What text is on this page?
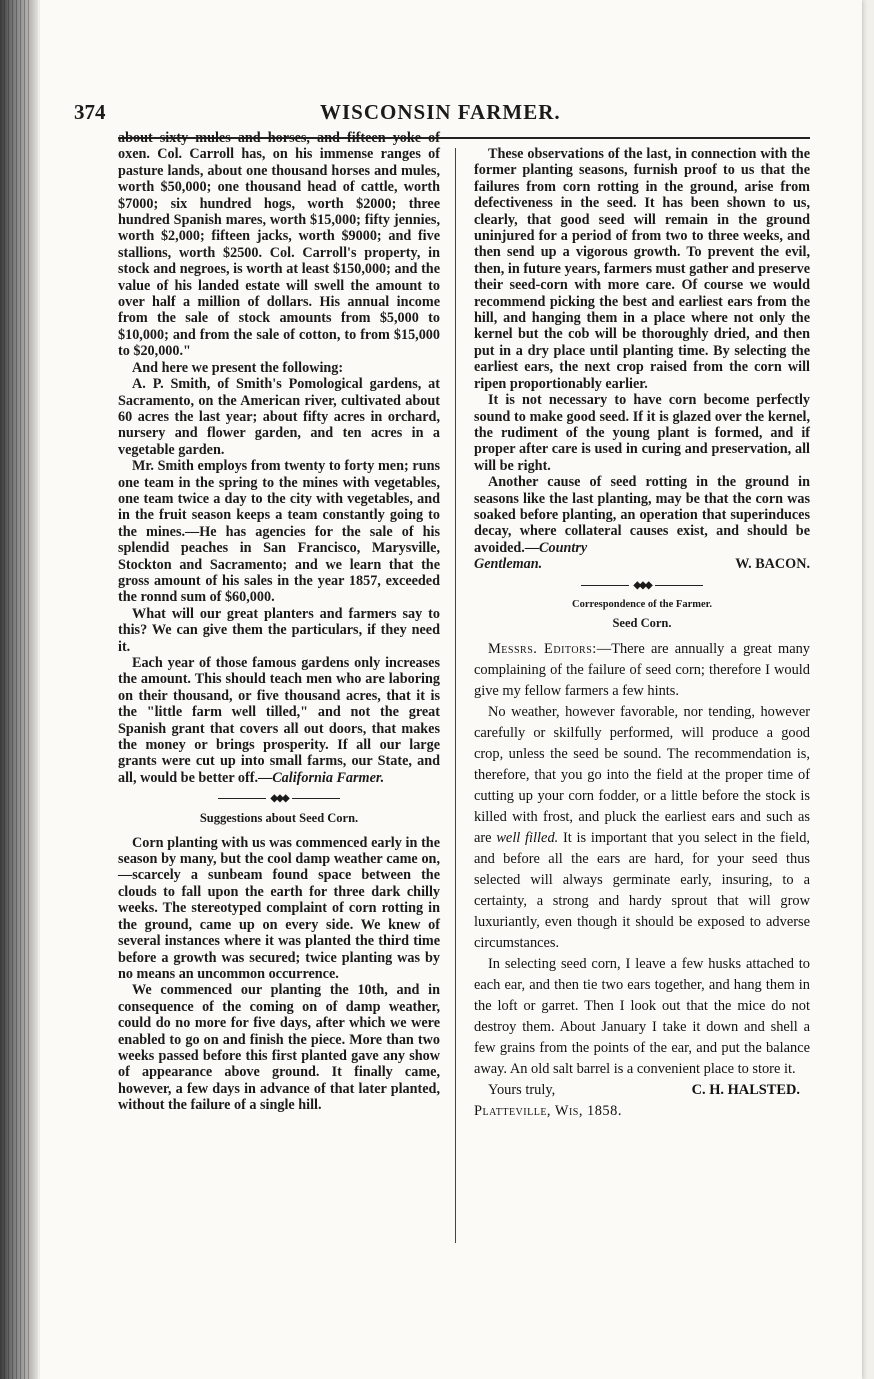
374	WISCONSIN FARMER.

about sixty mules and horses, and fifteen yoke of oxen. Col. Carroll has, on his immense ranges of pasture lands, about one thousand horses and mules, worth $50,000; one thousand head of cattle, worth $7000; six hundred hogs, worth $2000; three hundred Spanish mares, worth $15,000; fifty jennies, worth $2,000; fifteen jacks, worth $9000; and five stallions, worth $2500. Col. Carroll's property, in stock and negroes, is worth at least $150,000; and the value of his landed estate will swell the amount to over half a million of dollars. His annual income from the sale of stock amounts from $5,000 to $10,000; and from the sale of cotton, to from $15,000 to $20,000."

And here we present the following:

A. P. Smith, of Smith's Pomological gardens, at Sacramento, on the American river, cultivated about 60 acres the last year; about fifty acres in orchard, nursery and flower garden, and ten acres in a vegetable garden.

Mr. Smith employs from twenty to forty men; runs one team in the spring to the mines with vegetables, one team twice a day to the city with vegetables, and in the fruit season keeps a team constantly going to the mines.—He has agencies for the sale of his splendid peaches in San Francisco, Marysville, Stockton and Sacramento; and we learn that the gross amount of his sales in the year 1857, exceeded the ronnd sum of $60,000.

What will our great planters and farmers say to this? We can give them the particulars, if they need it.

Each year of those famous gardens only increases the amount. This should teach men who are laboring on their thousand, or five thousand acres, that it is the "little farm well tilled," and not the great Spanish grant that covers all out doors, that makes the money or brings prosperity. If all our large grants were cut up into small farms, our State, and all, would be better off.—California Farmer.

◆◆◆
Suggestions about Seed Corn.

Corn planting with us was commenced early in the season by many, but the cool damp weather came on,—scarcely a sunbeam found space between the clouds to fall upon the earth for three dark chilly weeks. The stereotyped complaint of corn rotting in the ground, came up on every side. We knew of several instances where it was planted the third time before a growth was secured; twice planting was by no means an uncommon occurrence.

We commenced our planting the 10th, and in consequence of the coming on of damp weather, could do no more for five days, after which we were enabled to go on and finish the piece. More than two weeks passed before this first planted gave any show of appearance above ground. It finally came, however, a few days in advance of that later planted, without the failure of a single hill.

These observations of the last, in connection with the former planting seasons, furnish proof to us that the failures from corn rotting in the ground, arise from defectiveness in the seed. It has been shown to us, clearly, that good seed will remain in the ground uninjured for a period of from two to three weeks, and then send up a vigorous growth. To prevent the evil, then, in future years, farmers must gather and preserve their seed-corn with more care. Of course we would recommend picking the best and earliest ears from the hill, and hanging them in a place where not only the kernel but the cob will be thoroughly dried, and then put in a dry place until planting time. By selecting the earliest ears, the next crop raised from the corn will ripen proportionably earlier.

It is not necessary to have corn become perfectly sound to make good seed. If it is glazed over the kernel, the rudiment of the young plant is formed, and if proper after care is used in curing and preservation, all will be right.

Another cause of seed rotting in the ground in seasons like the last planting, may be that the corn was soaked before planting, an operation that superinduces decay, where collateral causes exist, and should be avoided.—Country

Gentleman.	W. BACON.
◆◆◆
Correspondence of the Farmer.
Seed Corn.

Messrs. Editors:—There are annually a great many complaining of the failure of seed corn; therefore I would give my fellow farmers a few hints.

No weather, however favorable, nor tending, however carefully or skilfully performed, will produce a good crop, unless the seed be sound. The recommendation is, therefore, that you go into the field at the proper time of cutting up your corn fodder, or a little before the stock is killed with frost, and pluck the earliest ears and such as are well filled. It is important that you select in the field, and before all the ears are hard, for your seed thus selected will always germinate early, insuring, to a certainty, a strong and hardy sprout that will grow luxuriantly, even though it should be exposed to adverse circumstances.

In selecting seed corn, I leave a few husks attached to each ear, and then tie two ears together, and hang them in the loft or garret. Then I look out that the mice do not destroy them. About January I take it down and shell a few grains from the points of the ear, and put the balance away. An old salt barrel is a convenient place to store it.

Yours truly,	C. H. HALSTED.
Platteville, Wis, 1858.
